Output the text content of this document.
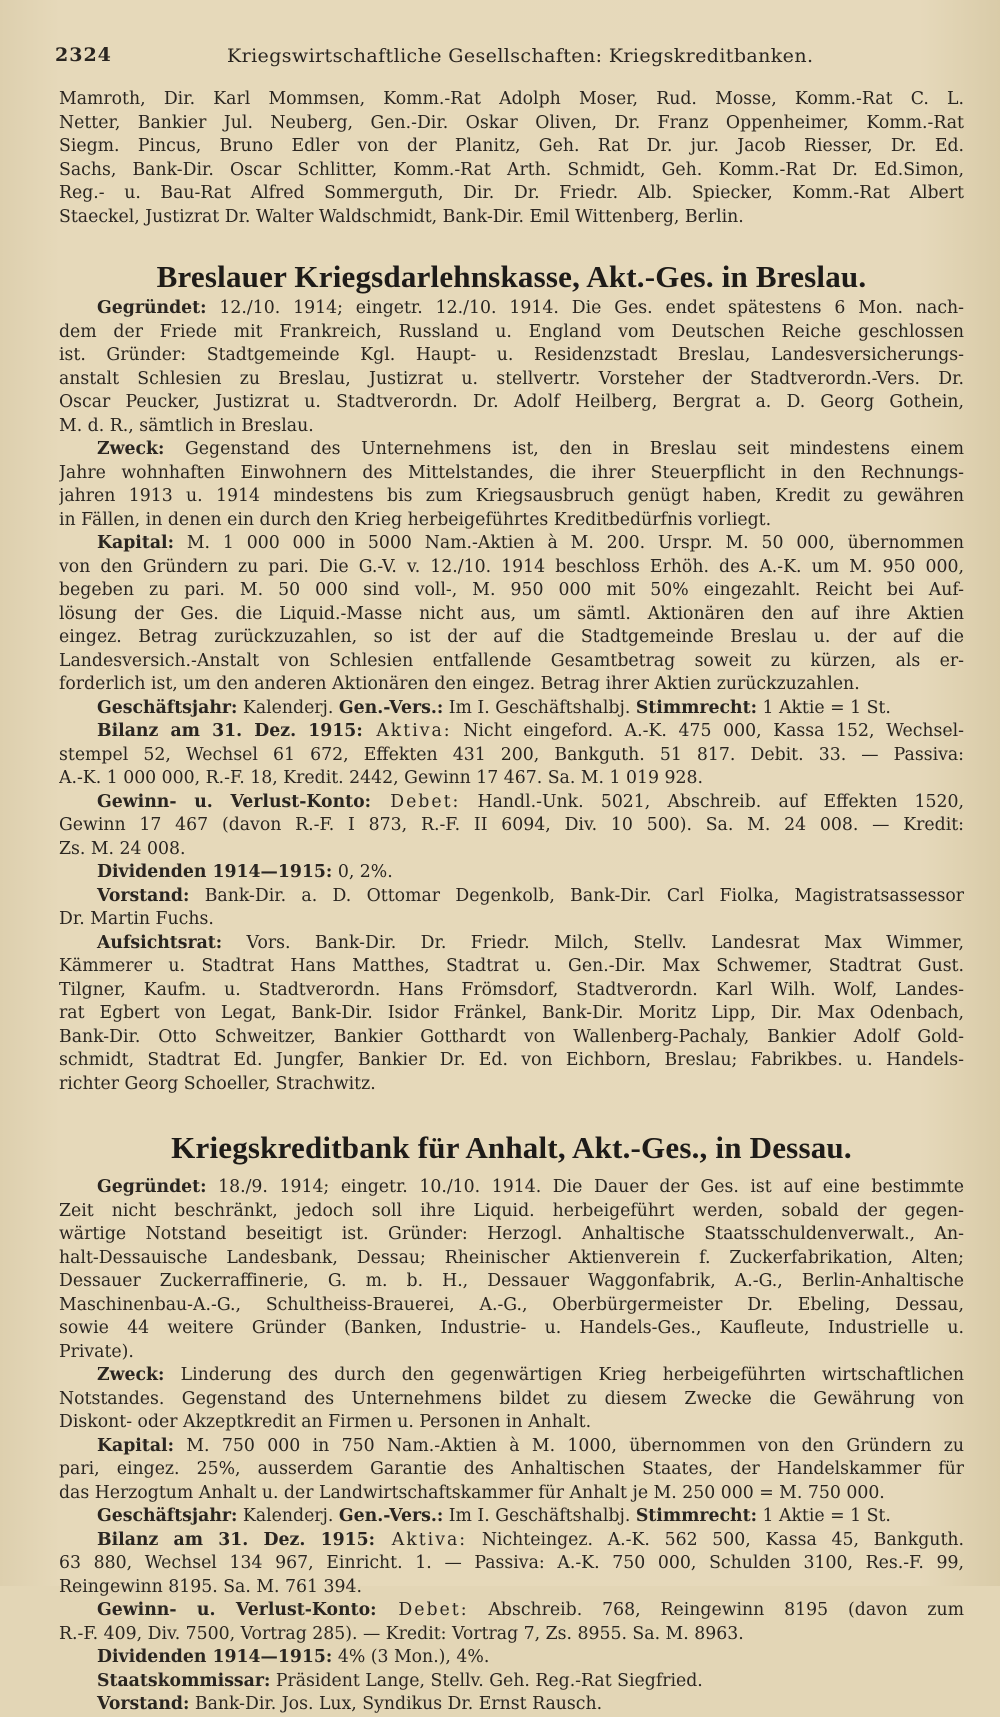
2324	Kriegswirtschaftliche Gesellschaften: Kriegskreditbanken.
Mamroth, Dir. Karl Mommsen, Komm.-Rat Adolph Moser, Rud. Mosse, Komm.-Rat C. L.
Netter, Bankier Jul. Neuberg, Gen.-Dir. Oskar Oliven, Dr. Franz Oppenheimer, Komm.-Rat
Siegm. Pincus, Bruno Edler von der Planitz, Geh. Rat Dr. jur. Jacob Riesser, Dr. Ed.
Sachs, Bank-Dir. Oscar Schlitter, Komm.-Rat Arth. Schmidt, Geh. Komm.-Rat Dr. Ed.Simon,
Reg.- u. Bau-Rat Alfred Sommerguth, Dir. Dr. Friedr. Alb. Spiecker, Komm.-Rat Albert
Staeckel, Justizrat Dr. Walter Waldschmidt, Bank-Dir. Emil Wittenberg, Berlin.
Breslauer Kriegsdarlehnskasse, Akt.-Ges. in Breslau.
Gegründet: 12./10. 1914; eingetr. 12./10. 1914. Die Ges. endet spätestens 6 Mon. nach-
dem der Friede mit Frankreich, Russland u. England vom Deutschen Reiche geschlossen
ist. Gründer: Stadtgemeinde Kgl. Haupt- u. Residenzstadt Breslau, Landesversicherungs-
anstalt Schlesien zu Breslau, Justizrat u. stellvertr. Vorsteher der Stadtverordn.-Vers. Dr.
Oscar Peucker, Justizrat u. Stadtverordn. Dr. Adolf Heilberg, Bergrat a. D. Georg Gothein,
M. d. R., sämtlich in Breslau.
Zweck: Gegenstand des Unternehmens ist, den in Breslau seit mindestens einem
Jahre wohnhaften Einwohnern des Mittelstandes, die ihrer Steuerpflicht in den Rechnungs-
jahren 1913 u. 1914 mindestens bis zum Kriegsausbruch genügt haben, Kredit zu gewähren
in Fällen, in denen ein durch den Krieg herbeigeführtes Kreditbedürfnis vorliegt.
Kapital: M. 1 000 000 in 5000 Nam.-Aktien à M. 200. Urspr. M. 50 000, übernommen
von den Gründern zu pari. Die G.-V. v. 12./10. 1914 beschloss Erhöh. des A.-K. um M. 950 000,
begeben zu pari. M. 50 000 sind voll-, M. 950 000 mit 50% eingezahlt. Reicht bei Auf-
lösung der Ges. die Liquid.-Masse nicht aus, um sämtl. Aktionären den auf ihre Aktien
eingez. Betrag zurückzuzahlen, so ist der auf die Stadtgemeinde Breslau u. der auf die
Landesversich.-Anstalt von Schlesien entfallende Gesamtbetrag soweit zu kürzen, als er-
forderlich ist, um den anderen Aktionären den eingez. Betrag ihrer Aktien zurückzuzahlen.
Geschäftsjahr: Kalenderj. Gen.-Vers.: Im I. Geschäftshalbj. Stimmrecht: 1 Aktie = 1 St.
Bilanz am 31. Dez. 1915: Aktiva: Nicht eingeford. A.-K. 475 000, Kassa 152, Wechsel-
stempel 52, Wechsel 61 672, Effekten 431 200, Bankguth. 51 817. Debit. 33. — Passiva:
A.-K. 1 000 000, R.-F. 18, Kredit. 2442, Gewinn 17 467. Sa. M. 1 019 928.
Gewinn- u. Verlust-Konto: Debet: Handl.-Unk. 5021, Abschreib. auf Effekten 1520,
Gewinn 17 467 (davon R.-F. I 873, R.-F. II 6094, Div. 10 500). Sa. M. 24 008. — Kredit:
Zs. M. 24 008.
Dividenden 1914—1915: 0, 2%.
Vorstand: Bank-Dir. a. D. Ottomar Degenkolb, Bank-Dir. Carl Fiolka, Magistratsassessor
Dr. Martin Fuchs.
Aufsichtsrat: Vors. Bank-Dir. Dr. Friedr. Milch, Stellv. Landesrat Max Wimmer,
Kämmerer u. Stadtrat Hans Matthes, Stadtrat u. Gen.-Dir. Max Schwemer, Stadtrat Gust.
Tilgner, Kaufm. u. Stadtverordn. Hans Frömsdorf, Stadtverordn. Karl Wilh. Wolf, Landes-
rat Egbert von Legat, Bank-Dir. Isidor Fränkel, Bank-Dir. Moritz Lipp, Dir. Max Odenbach,
Bank-Dir. Otto Schweitzer, Bankier Gotthardt von Wallenberg-Pachaly, Bankier Adolf Gold-
schmidt, Stadtrat Ed. Jungfer, Bankier Dr. Ed. von Eichborn, Breslau; Fabrikbes. u. Handels-
richter Georg Schoeller, Strachwitz.
Kriegskreditbank für Anhalt, Akt.-Ges., in Dessau.
Gegründet: 18./9. 1914; eingetr. 10./10. 1914. Die Dauer der Ges. ist auf eine bestimmte
Zeit nicht beschränkt, jedoch soll ihre Liquid. herbeigeführt werden, sobald der gegen-
wärtige Notstand beseitigt ist. Gründer: Herzogl. Anhaltische Staatsschuldenverwalt., An-
halt-Dessauische Landesbank, Dessau; Rheinischer Aktienverein f. Zuckerfabrikation, Alten;
Dessauer Zuckerraffinerie, G. m. b. H., Dessauer Waggonfabrik, A.-G., Berlin-Anhaltische
Maschinenbau-A.-G., Schultheiss-Brauerei, A.-G., Oberbürgermeister Dr. Ebeling, Dessau,
sowie 44 weitere Gründer (Banken, Industrie- u. Handels-Ges., Kaufleute, Industrielle u.
Private).
Zweck: Linderung des durch den gegenwärtigen Krieg herbeigeführten wirtschaftlichen
Notstandes. Gegenstand des Unternehmens bildet zu diesem Zwecke die Gewährung von
Diskont- oder Akzeptkredit an Firmen u. Personen in Anhalt.
Kapital: M. 750 000 in 750 Nam.-Aktien à M. 1000, übernommen von den Gründern zu
pari, eingez. 25%, ausserdem Garantie des Anhaltischen Staates, der Handelskammer für
das Herzogtum Anhalt u. der Landwirtschaftskammer für Anhalt je M. 250 000 = M. 750 000.
Geschäftsjahr: Kalenderj. Gen.-Vers.: Im I. Geschäftshalbj. Stimmrecht: 1 Aktie = 1 St.
Bilanz am 31. Dez. 1915: Aktiva: Nichteingez. A.-K. 562 500, Kassa 45, Bankguth.
63 880, Wechsel 134 967, Einricht. 1. — Passiva: A.-K. 750 000, Schulden 3100, Res.-F. 99,
Reingewinn 8195. Sa. M. 761 394.
Gewinn- u. Verlust-Konto: Debet: Abschreib. 768, Reingewinn 8195 (davon zum
R.-F. 409, Div. 7500, Vortrag 285). — Kredit: Vortrag 7, Zs. 8955. Sa. M. 8963.
Dividenden 1914—1915: 4% (3 Mon.), 4%.
Staatskommissar: Präsident Lange, Stellv. Geh. Reg.-Rat Siegfried.
Vorstand: Bank-Dir. Jos. Lux, Syndikus Dr. Ernst Rausch.
